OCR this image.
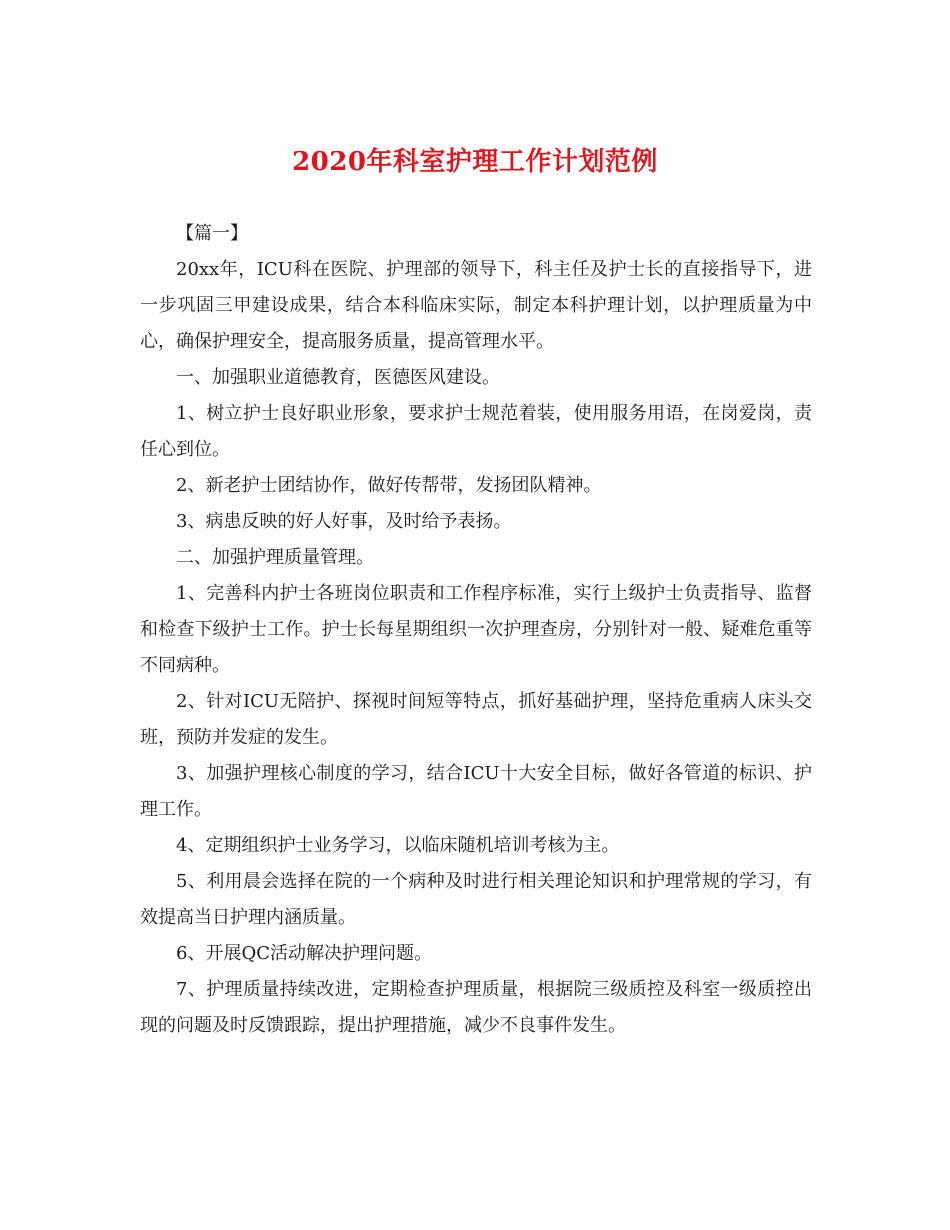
2020年科室护理工作计划范例

【篇一】

20xx年，ICU科在医院、护理部的领导下，科主任及护士长的直接指导下，进一步巩固三甲建设成果，结合本科临床实际，制定本科护理计划，以护理质量为中心，确保护理安全，提高服务质量，提高管理水平。

一、加强职业道德教育，医德医风建设。

1、树立护士良好职业形象，要求护士规范着装，使用服务用语，在岗爱岗，责任心到位。

2、新老护士团结协作，做好传帮带，发扬团队精神。

3、病患反映的好人好事，及时给予表扬。

二、加强护理质量管理。

1、完善科内护士各班岗位职责和工作程序标准，实行上级护士负责指导、监督和检查下级护士工作。护士长每星期组织一次护理查房，分别针对一般、疑难危重等不同病种。

2、针对ICU无陪护、探视时间短等特点，抓好基础护理，坚持危重病人床头交班，预防并发症的发生。

3、加强护理核心制度的学习，结合ICU十大安全目标，做好各管道的标识、护理工作。

4、定期组织护士业务学习，以临床随机培训考核为主。

5、利用晨会选择在院的一个病种及时进行相关理论知识和护理常规的学习，有效提高当日护理内涵质量。

6、开展QC活动解决护理问题。

7、护理质量持续改进，定期检查护理质量，根据院三级质控及科室一级质控出现的问题及时反馈跟踪，提出护理措施，减少不良事件发生。
